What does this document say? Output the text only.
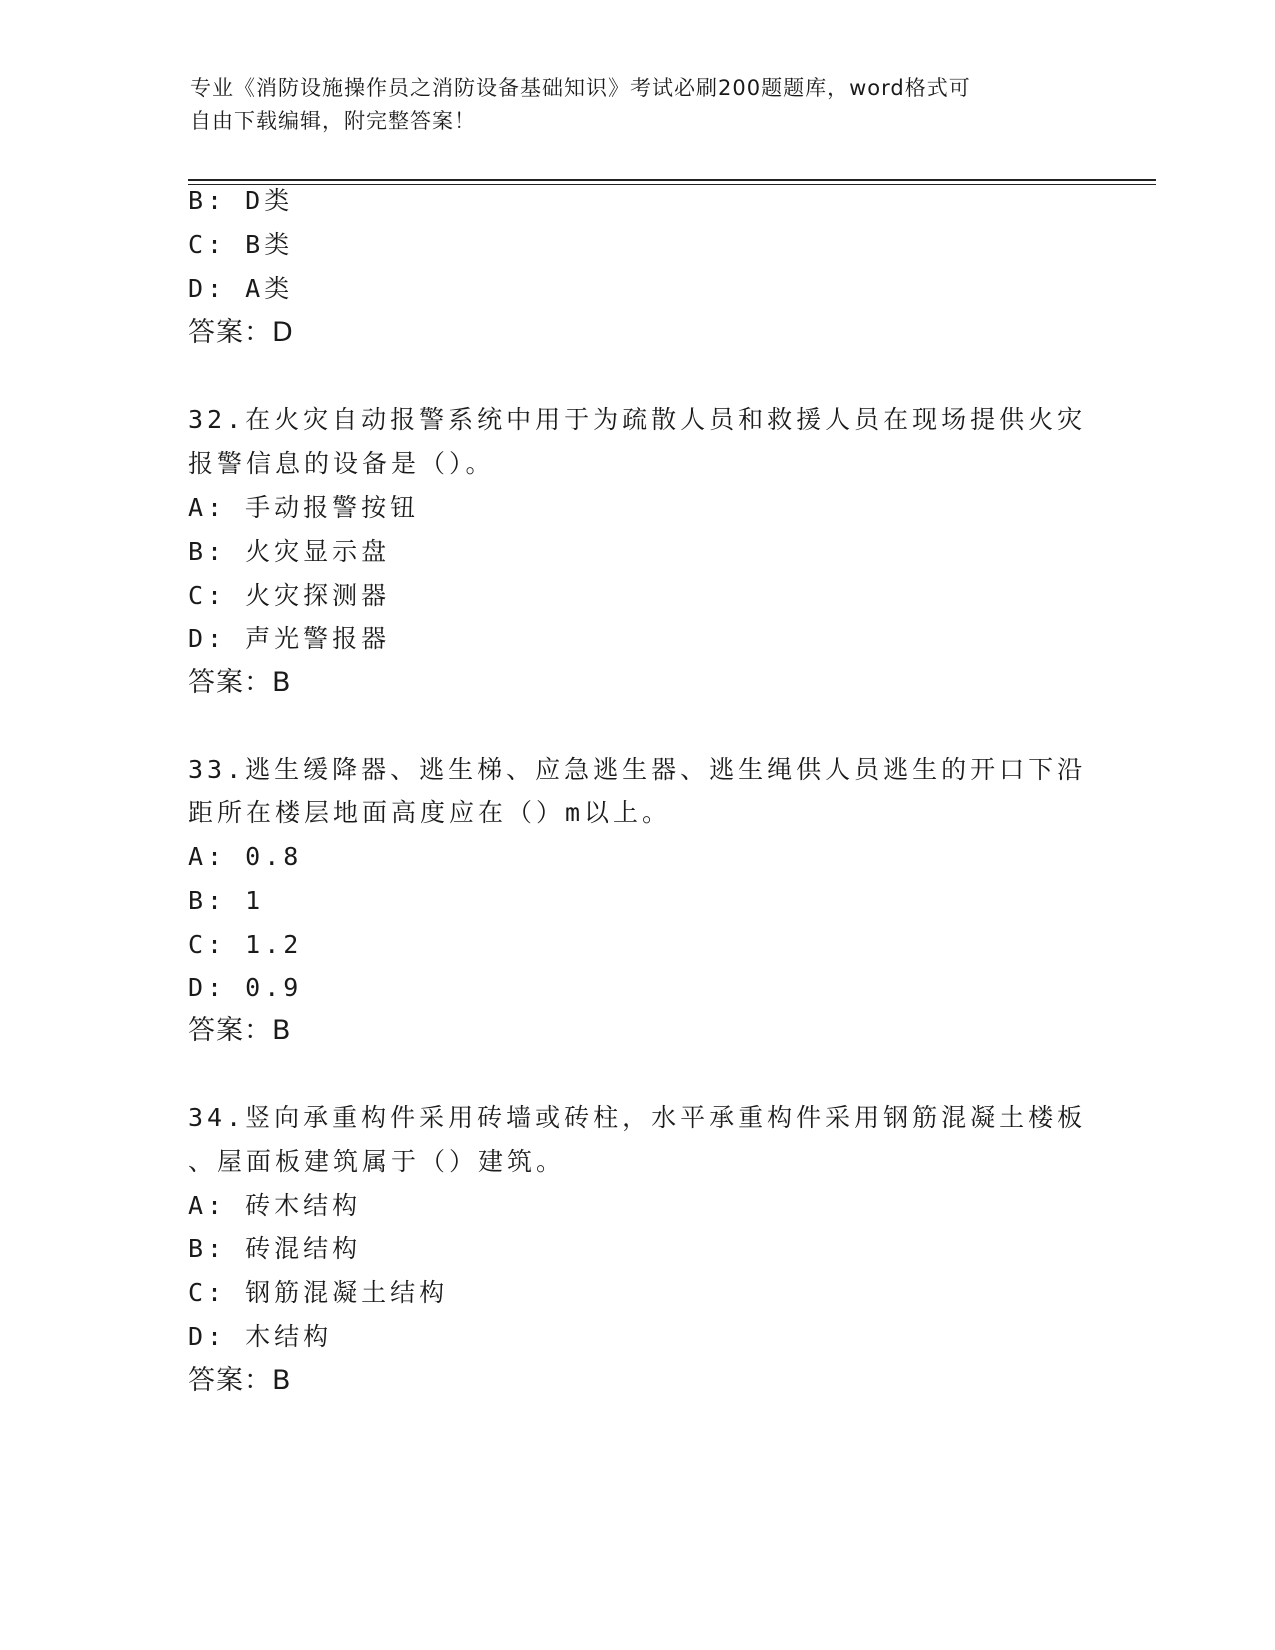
专业《消防设施操作员之消防设备基础知识》考试必刷200题题库，word格式可
自由下载编辑，附完整答案！
B: D类
C: B类
D: A类
答案：D
32.在火灾自动报警系统中用于为疏散人员和救援人员在现场提供火灾
报警信息的设备是（）。
A: 手动报警按钮
B: 火灾显示盘
C: 火灾探测器
D: 声光警报器
答案：B
33.逃生缓降器、逃生梯、应急逃生器、逃生绳供人员逃生的开口下沿
距所在楼层地面高度应在（）m以上。
A: 0.8
B: 1
C: 1.2
D: 0.9
答案：B
34.竖向承重构件采用砖墙或砖柱，水平承重构件采用钢筋混凝土楼板
、屋面板建筑属于（）建筑。
A: 砖木结构
B: 砖混结构
C: 钢筋混凝土结构
D: 木结构
答案：B
